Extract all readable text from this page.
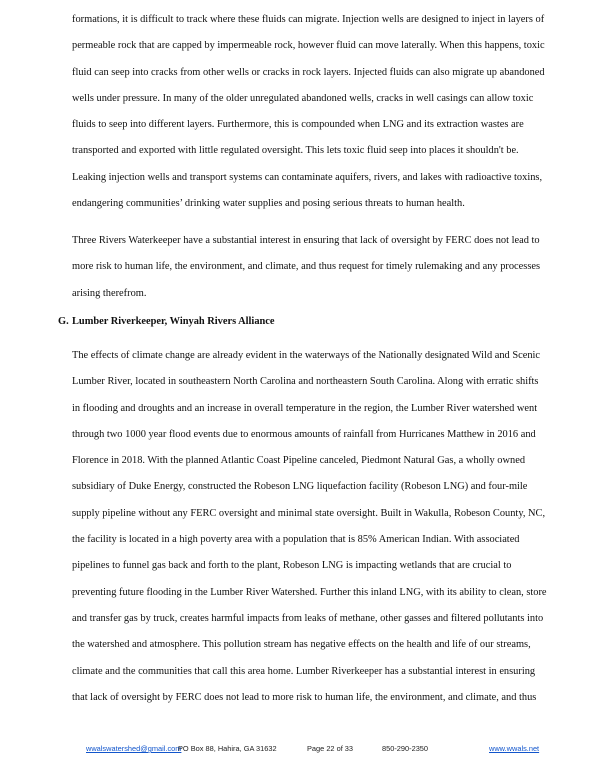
formations, it is difficult to track where these fluids can migrate. Injection wells are designed to inject in layers of permeable rock that are capped by impermeable rock, however fluid can move laterally. When this happens, toxic fluid can seep into cracks from other wells or cracks in rock layers. Injected fluids can also migrate up abandoned wells under pressure. In many of the older unregulated abandoned wells, cracks in well casings can allow toxic fluids to seep into different layers. Furthermore, this is compounded when LNG and its extraction wastes are transported and exported with little regulated oversight. This lets toxic fluid seep into places it shouldn't be. Leaking injection wells and transport systems can contaminate aquifers, rivers, and lakes with radioactive toxins, endangering communities’ drinking water supplies and posing serious threats to human health.

Three Rivers Waterkeeper have a substantial interest in ensuring that lack of oversight by FERC does not lead to more risk to human life, the environment, and climate, and thus request for timely rulemaking and any processes arising therefrom.

G. Lumber Riverkeeper, Winyah Rivers Alliance

The effects of climate change are already evident in the waterways of the Nationally designated Wild and Scenic Lumber River, located in southeastern North Carolina and northeastern South Carolina. Along with erratic shifts in flooding and droughts and an increase in overall temperature in the region, the Lumber River watershed went through two 1000 year flood events due to enormous amounts of rainfall from Hurricanes Matthew in 2016 and Florence in 2018. With the planned Atlantic Coast Pipeline canceled, Piedmont Natural Gas, a wholly owned subsidiary of Duke Energy, constructed the Robeson LNG liquefaction facility (Robeson LNG) and four-mile supply pipeline without any FERC oversight and minimal state oversight. Built in Wakulla, Robeson County, NC, the facility is located in a high poverty area with a population that is 85% American Indian. With associated pipelines to funnel gas back and forth to the plant, Robeson LNG is impacting wetlands that are crucial to preventing future flooding in the Lumber River Watershed. Further this inland LNG, with its ability to clean, store and transfer gas by truck, creates harmful impacts from leaks of methane, other gasses and filtered pollutants into the watershed and atmosphere. This pollution stream has negative effects on the health and life of our streams, climate and the communities that call this area home. Lumber Riverkeeper has a substantial interest in ensuring that lack of oversight by FERC does not lead to more risk to human life, the environment, and climate, and thus

wwalswatershed@gmail.com
PO Box 88, Hahira, GA 31632	Page 22 of 33	850-290-2350	www.wwals.net
